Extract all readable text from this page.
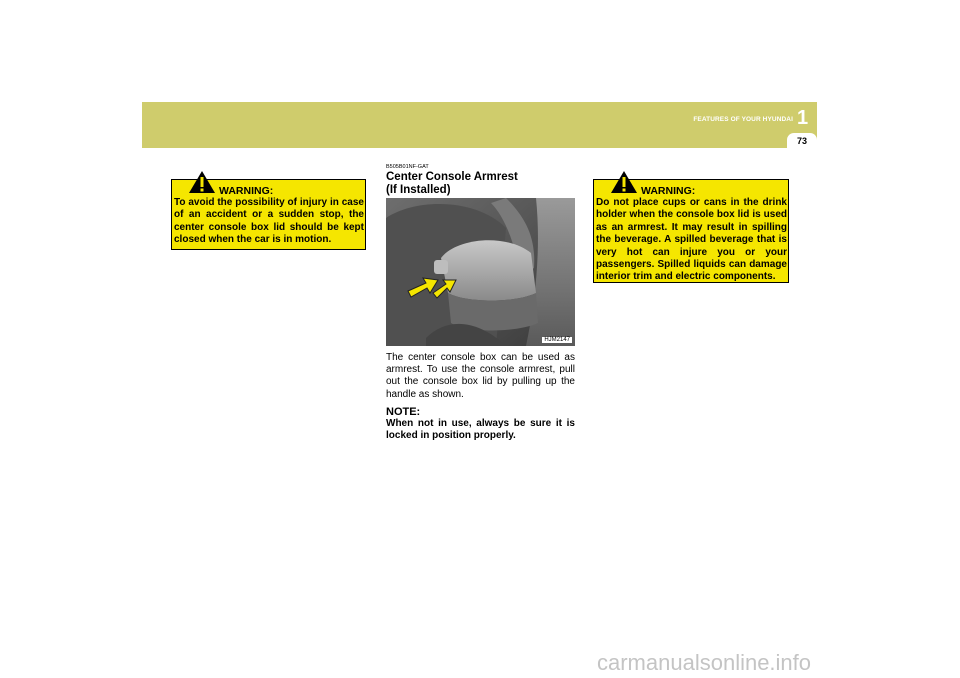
FEATURES OF YOUR HYUNDAI 1
73
WARNING:
To avoid the possibility of injury in case of an accident or a sudden stop, the center console box lid should be kept closed when the car is in motion.
B505B01NF-GAT
Center Console Armrest
(If Installed)
HJM2147
The center console box can be used as armrest. To use the console armrest, pull out the console box lid by pulling up the handle as shown.
NOTE:
When not in use, always be sure it is locked in position properly.
WARNING:
Do not place cups or cans in the drink holder when the console box lid is used as an armrest. It may result in spilling the beverage. A spilled beverage that is very hot can injure you or your passengers. Spilled liquids can damage interior trim and electric components.
carmanualsonline.info
